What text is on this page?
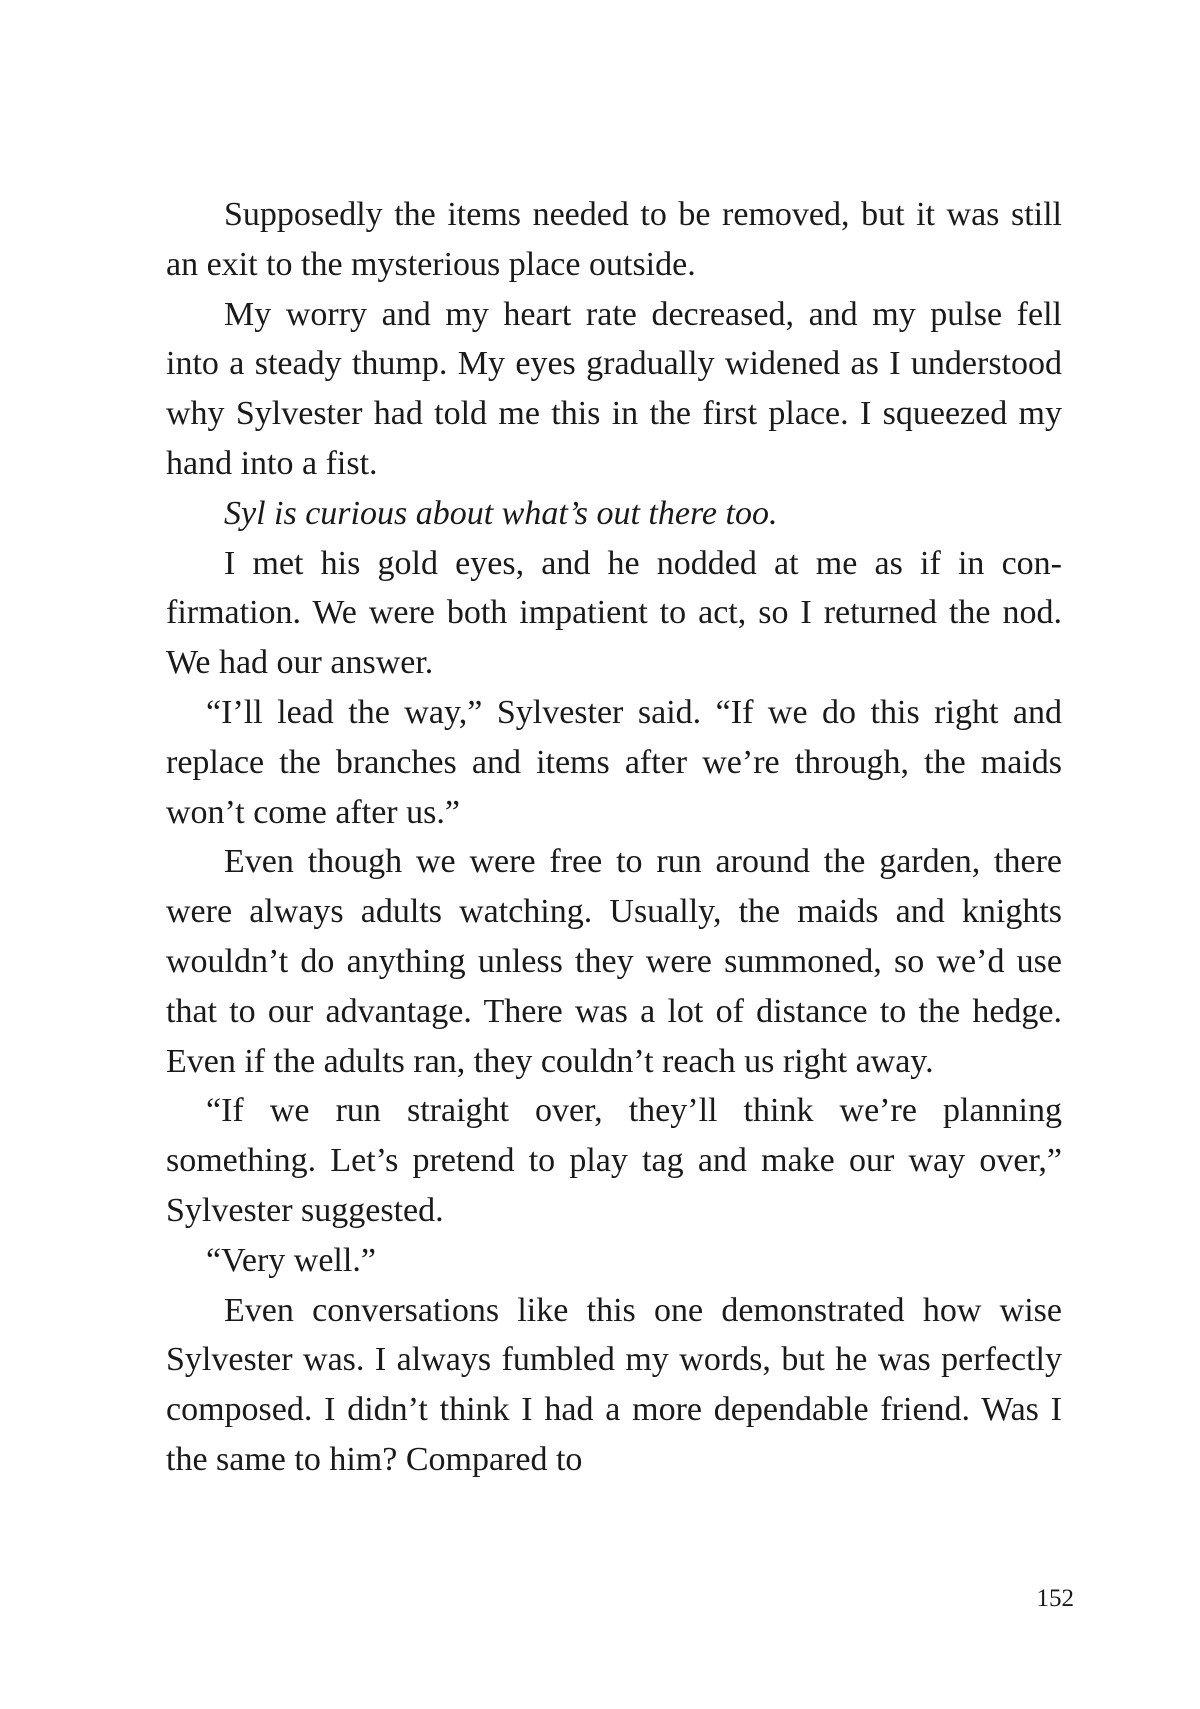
Supposedly the items needed to be removed, but it was still an exit to the mysterious place outside.

My worry and my heart rate decreased, and my pulse fell into a steady thump. My eyes gradually widened as I understood why Sylvester had told me this in the first place. I squeezed my hand into a fist.

Syl is curious about what’s out there too.

I met his gold eyes, and he nodded at me as if in confirmation. We were both impatient to act, so I returned the nod. We had our answer.

“I’ll lead the way,” Sylvester said. “If we do this right and replace the branches and items after we’re through, the maids won’t come after us.”

Even though we were free to run around the garden, there were always adults watching. Usually, the maids and knights wouldn’t do anything unless they were summoned, so we’d use that to our advantage. There was a lot of distance to the hedge. Even if the adults ran, they couldn’t reach us right away.

“If we run straight over, they’ll think we’re planning something. Let’s pretend to play tag and make our way over,” Sylvester suggested.

“Very well.”

Even conversations like this one demonstrated how wise Sylvester was. I always fumbled my words, but he was perfectly composed. I didn’t think I had a more dependable friend. Was I the same to him? Compared to

152
